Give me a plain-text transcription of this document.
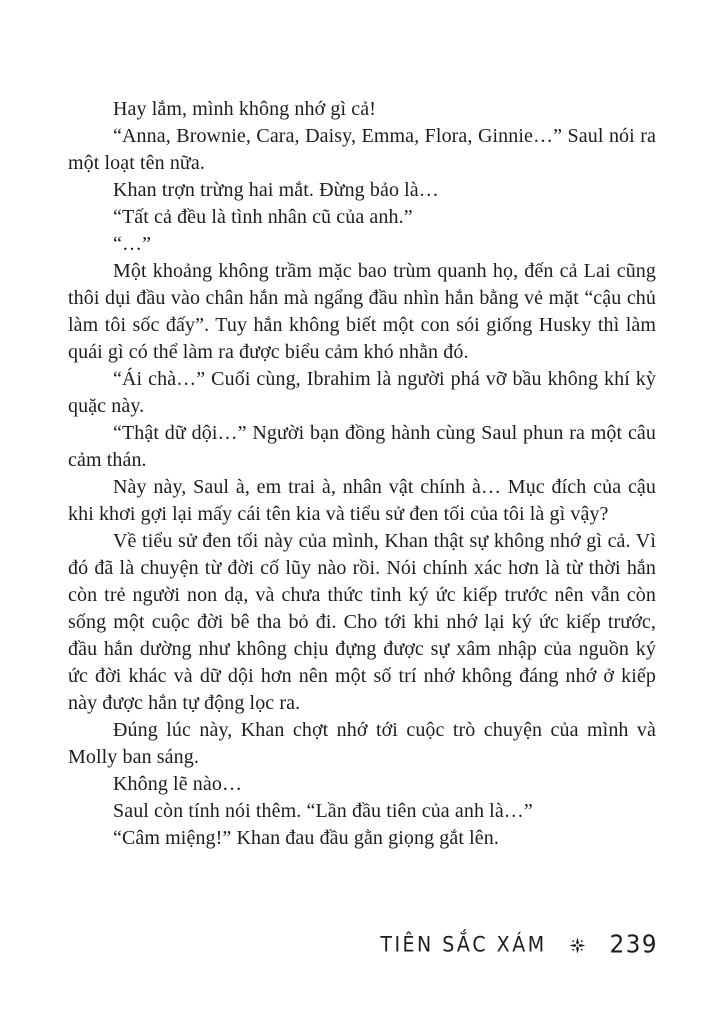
Hay lắm, mình không nhớ gì cả!

“Anna, Brownie, Cara, Daisy, Emma, Flora, Ginnie…” Saul nói ra một loạt tên nữa.

Khan trợn trừng hai mắt. Đừng bảo là…

“Tất cả đều là tình nhân cũ của anh.”

“…”

Một khoảng không trầm mặc bao trùm quanh họ, đến cả Lai cũng thôi dụi đầu vào chân hắn mà ngẩng đầu nhìn hắn bằng vẻ mặt “cậu chủ làm tôi sốc đấy”. Tuy hắn không biết một con sói giống Husky thì làm quái gì có thể làm ra được biểu cảm khó nhằn đó.

“Ái chà…” Cuối cùng, Ibrahim là người phá vỡ bầu không khí kỳ quặc này.

“Thật dữ dội…” Người bạn đồng hành cùng Saul phun ra một câu cảm thán.

Này này, Saul à, em trai à, nhân vật chính à… Mục đích của cậu khi khơi gợi lại mấy cái tên kia và tiểu sử đen tối của tôi là gì vậy?

Về tiểu sử đen tối này của mình, Khan thật sự không nhớ gì cả. Vì đó đã là chuyện từ đời cố lũy nào rồi. Nói chính xác hơn là từ thời hắn còn trẻ người non dạ, và chưa thức tỉnh ký ức kiếp trước nên vẫn còn sống một cuộc đời bê tha bỏ đi. Cho tới khi nhớ lại ký ức kiếp trước, đầu hắn dường như không chịu đựng được sự xâm nhập của nguồn ký ức đời khác và dữ dội hơn nên một số trí nhớ không đáng nhớ ở kiếp này được hắn tự động lọc ra.

Đúng lúc này, Khan chợt nhớ tới cuộc trò chuyện của mình và Molly ban sáng.

Không lẽ nào…

Saul còn tính nói thêm. “Lần đầu tiên của anh là…”

“Câm miệng!” Khan đau đầu gằn giọng gắt lên.

TIÊN SẮC XÁM	239
